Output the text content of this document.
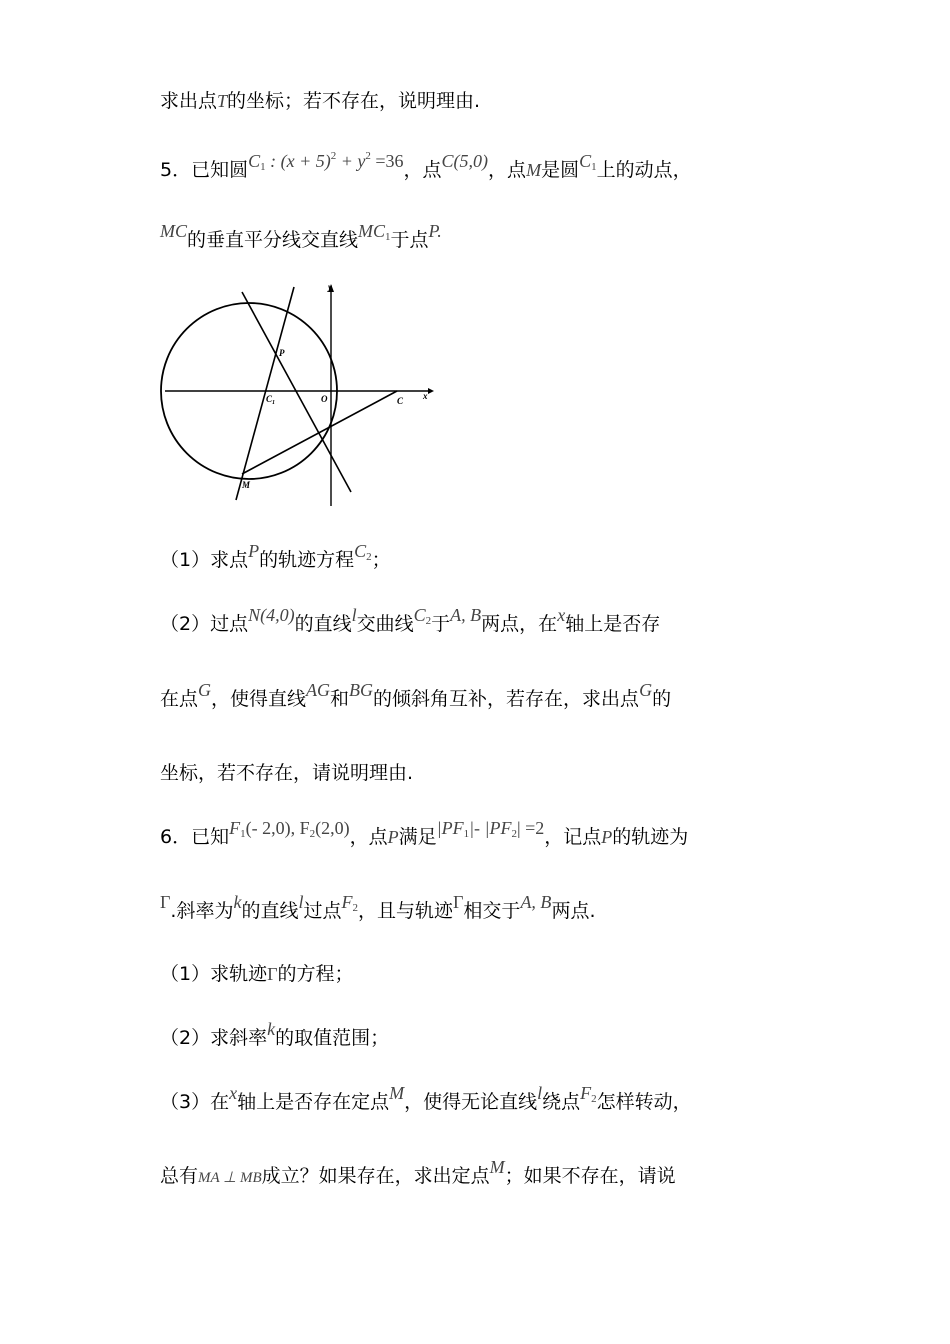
求出点T的坐标；若不存在，说明理由.
5．已知圆$C_1$ : $(x + 5)^2 + y^2 =36$，点C(5,0)，点M是圆$C_1$上的动点，
MC的垂直平分线交直线$MC_1$于点P.
y
x
P
$C_1$	O	C
M
（1）求点P的轨迹方程$C_2$；
（2）过点N(4,0)的直线l交曲线$C_2$于A, B两点，在x轴上是否存
在点G，使得直线AG和BG的倾斜角互补，若存在，求出点G的
坐标，若不存在，请说明理由.
6．已知$F_1(-$ 2,0), $F_2(2,0)$，点P满足$|PF_1|-$ $|PF_2| =2$，记点P的轨迹为
Γ.斜率为k的直线l过点$F_2$，且与轨迹Γ相交于A, B两点.
（1）求轨迹Γ的方程；
（2）求斜率k的取值范围；
（3）在x轴上是否存在定点M，使得无论直线l绕点$F_2$怎样转动，
总有MA ⊥ MB成立？如果存在，求出定点M；如果不存在，请说
